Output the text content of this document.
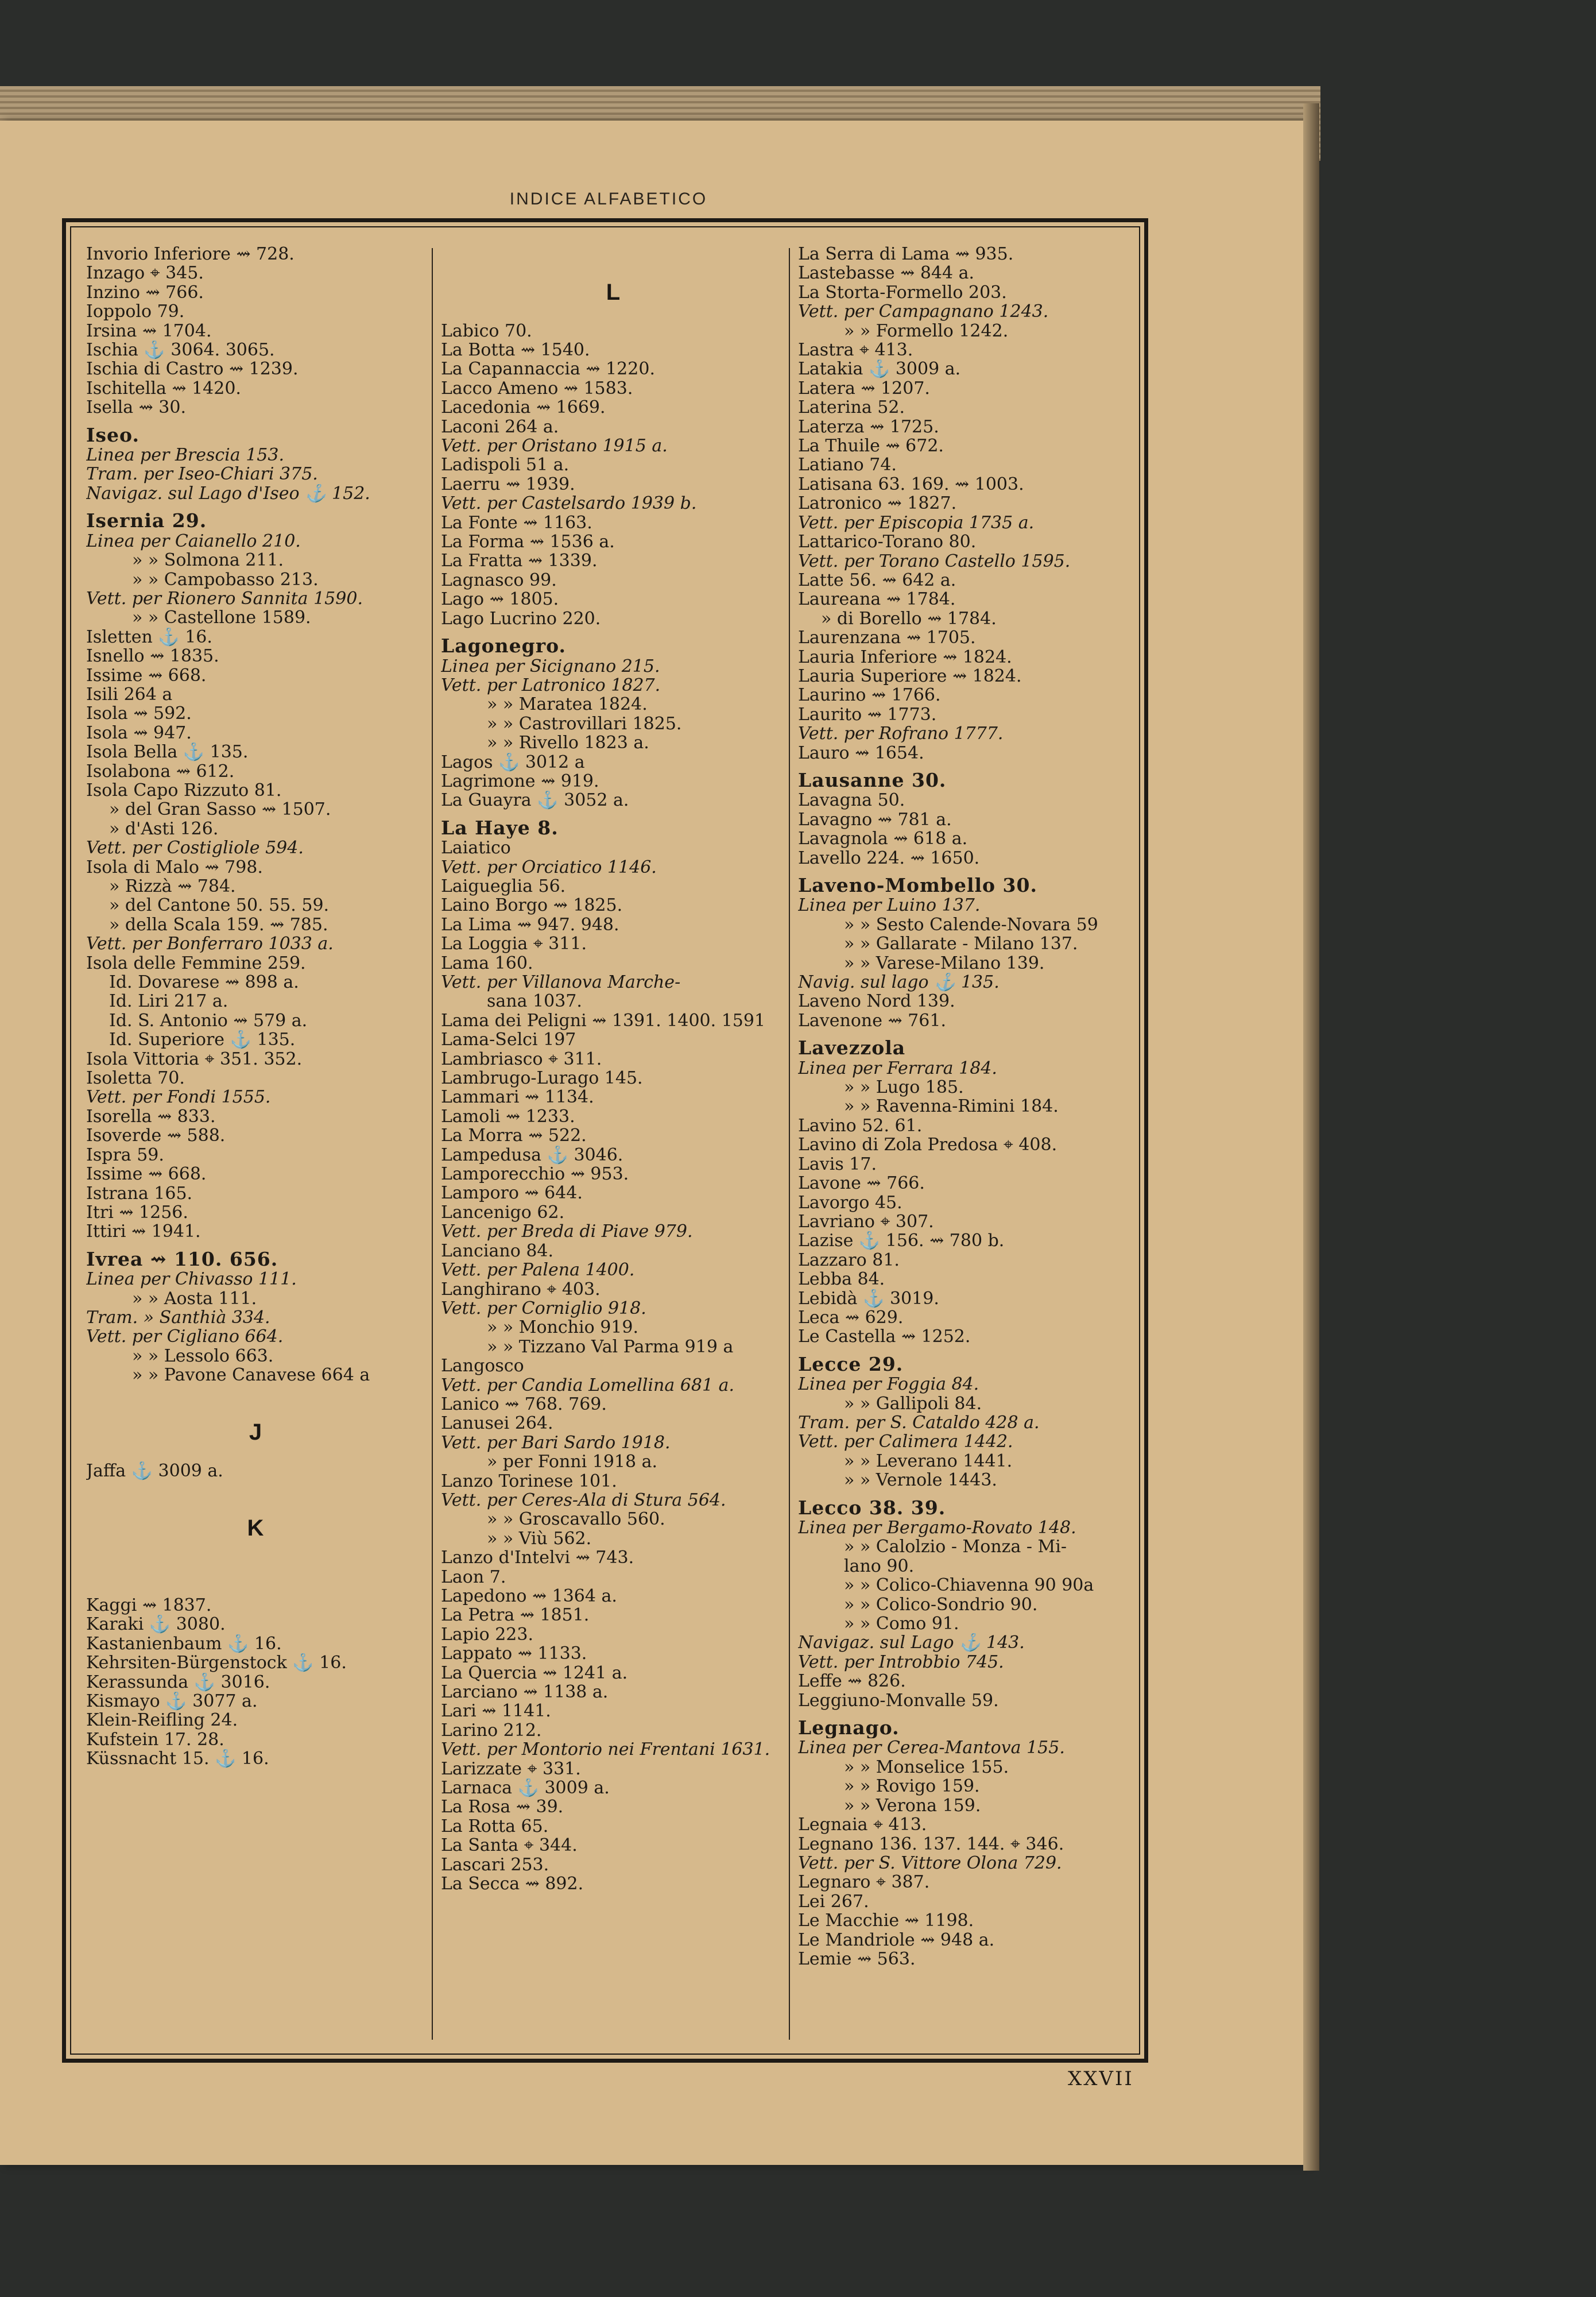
INDICE ALFABETICO
Invorio Inferiore ⇝ 728.
Inzago ⌖ 345.
Inzino ⇝ 766.
Ioppolo 79.
Irsina ⇝ 1704.
Ischia ⚓ 3064. 3065.
Ischia di Castro ⇝ 1239.
Ischitella ⇝ 1420.
Isella ⇝ 30.
Iseo.
Linea per Brescia 153.
Tram. per Iseo-Chiari 375.
Navigaz. sul Lago d'Iseo ⚓ 152.
Isernia 29.
Linea per Caianello 210.
» » Solmona 211.
» » Campobasso 213.
Vett. per Rionero Sannita 1590.
» » Castellone 1589.
Isletten ⚓ 16.
Isnello ⇝ 1835.
Issime ⇝ 668.
Isili 264 a
Isola ⇝ 592.
Isola ⇝ 947.
Isola Bella ⚓ 135.
Isolabona ⇝ 612.
Isola Capo Rizzuto 81.
» del Gran Sasso ⇝ 1507.
» d'Asti 126.
Vett. per Costigliole 594.
Isola di Malo ⇝ 798.
» Rizzà ⇝ 784.
» del Cantone 50. 55. 59.
» della Scala 159. ⇝ 785.
Vett. per Bonferraro 1033 a.
Isola delle Femmine 259.
Id. Dovarese ⇝ 898 a.
Id. Liri 217 a.
Id. S. Antonio ⇝ 579 a.
Id. Superiore ⚓ 135.
Isola Vittoria ⌖ 351. 352.
Isoletta 70.
Vett. per Fondi 1555.
Isorella ⇝ 833.
Isoverde ⇝ 588.
Ispra 59.
Issime ⇝ 668.
Istrana 165.
Itri ⇝ 1256.
Ittiri ⇝ 1941.
Ivrea ⇝ 110. 656.
Linea per Chivasso 111.
» » Aosta 111.
Tram. » Santhià 334.
Vett. per Cigliano 664.
» » Lessolo 663.
» » Pavone Canavese 664 a
J
Jaffa ⚓ 3009 a.
K
Kaggi ⇝ 1837.
Karaki ⚓ 3080.
Kastanienbaum ⚓ 16.
Kehrsiten-Bürgenstock ⚓ 16.
Kerassunda ⚓ 3016.
Kismayo ⚓ 3077 a.
Klein-Reifling 24.
Kufstein 17. 28.
Küssnacht 15. ⚓ 16.
L
Labico 70.
La Botta ⇝ 1540.
La Capannaccia ⇝ 1220.
Lacco Ameno ⇝ 1583.
Lacedonia ⇝ 1669.
Laconi 264 a.
Vett. per Oristano 1915 a.
Ladispoli 51 a.
Laerru ⇝ 1939.
Vett. per Castelsardo 1939 b.
La Fonte ⇝ 1163.
La Forma ⇝ 1536 a.
La Fratta ⇝ 1339.
Lagnasco 99.
Lago ⇝ 1805.
Lago Lucrino 220.
Lagonegro.
Linea per Sicignano 215.
Vett. per Latronico 1827.
» » Maratea 1824.
» » Castrovillari 1825.
» » Rivello 1823 a.
Lagos ⚓ 3012 a
Lagrimone ⇝ 919.
La Guayra ⚓ 3052 a.
La Haye 8.
Laiatico
Vett. per Orciatico 1146.
Laigueglia 56.
Laino Borgo ⇝ 1825.
La Lima ⇝ 947. 948.
La Loggia ⌖ 311.
Lama 160.
Vett. per Villanova Marche-
sana 1037.
Lama dei Peligni ⇝ 1391. 1400. 1591
Lama-Selci 197
Lambriasco ⌖ 311.
Lambrugo-Lurago 145.
Lammari ⇝ 1134.
Lamoli ⇝ 1233.
La Morra ⇝ 522.
Lampedusa ⚓ 3046.
Lamporecchio ⇝ 953.
Lamporo ⇝ 644.
Lancenigo 62.
Vett. per Breda di Piave 979.
Lanciano 84.
Vett. per Palena 1400.
Langhirano ⌖ 403.
Vett. per Corniglio 918.
» » Monchio 919.
» » Tizzano Val Parma 919 a
Langosco
Vett. per Candia Lomellina 681 a.
Lanico ⇝ 768. 769.
Lanusei 264.
Vett. per Bari Sardo 1918.
» per Fonni 1918 a.
Lanzo Torinese 101.
Vett. per Ceres-Ala di Stura 564.
» » Groscavallo 560.
» » Viù 562.
Lanzo d'Intelvi ⇝ 743.
Laon 7.
Lapedono ⇝ 1364 a.
La Petra ⇝ 1851.
Lapio 223.
Lappato ⇝ 1133.
La Quercia ⇝ 1241 a.
Larciano ⇝ 1138 a.
Lari ⇝ 1141.
Larino 212.
Vett. per Montorio nei Frentani 1631.
Larizzate ⌖ 331.
Larnaca ⚓ 3009 a.
La Rosa ⇝ 39.
La Rotta 65.
La Santa ⌖ 344.
Lascari 253.
La Secca ⇝ 892.
La Serra di Lama ⇝ 935.
Lastebasse ⇝ 844 a.
La Storta-Formello 203.
Vett. per Campagnano 1243.
» » Formello 1242.
Lastra ⌖ 413.
Latakia ⚓ 3009 a.
Latera ⇝ 1207.
Laterina 52.
Laterza ⇝ 1725.
La Thuile ⇝ 672.
Latiano 74.
Latisana 63. 169. ⇝ 1003.
Latronico ⇝ 1827.
Vett. per Episcopia 1735 a.
Lattarico-Torano 80.
Vett. per Torano Castello 1595.
Latte 56. ⇝ 642 a.
Laureana ⇝ 1784.
» di Borello ⇝ 1784.
Laurenzana ⇝ 1705.
Lauria Inferiore ⇝ 1824.
Lauria Superiore ⇝ 1824.
Laurino ⇝ 1766.
Laurito ⇝ 1773.
Vett. per Rofrano 1777.
Lauro ⇝ 1654.
Lausanne 30.
Lavagna 50.
Lavagno ⇝ 781 a.
Lavagnola ⇝ 618 a.
Lavello 224. ⇝ 1650.
Laveno-Mombello 30.
Linea per Luino 137.
» » Sesto Calende-Novara 59
» » Gallarate - Milano 137.
» » Varese-Milano 139.
Navig. sul lago ⚓ 135.
Laveno Nord 139.
Lavenone ⇝ 761.
Lavezzola
Linea per Ferrara 184.
» » Lugo 185.
» » Ravenna-Rimini 184.
Lavino 52. 61.
Lavino di Zola Predosa ⌖ 408.
Lavis 17.
Lavone ⇝ 766.
Lavorgo 45.
Lavriano ⌖ 307.
Lazise ⚓ 156. ⇝ 780 b.
Lazzaro 81.
Lebba 84.
Lebidà ⚓ 3019.
Leca ⇝ 629.
Le Castella ⇝ 1252.
Lecce 29.
Linea per Foggia 84.
» » Gallipoli 84.
Tram. per S. Cataldo 428 a.
Vett. per Calimera 1442.
» » Leverano 1441.
» » Vernole 1443.
Lecco 38. 39.
Linea per Bergamo-Rovato 148.
» » Calolzio - Monza - Mi-
lano 90.
» » Colico-Chiavenna 90 90a
» » Colico-Sondrio 90.
» » Como 91.
Navigaz. sul Lago ⚓ 143.
Vett. per Introbbio 745.
Leffe ⇝ 826.
Leggiuno-Monvalle 59.
Legnago.
Linea per Cerea-Mantova 155.
» » Monselice 155.
» » Rovigo 159.
» » Verona 159.
Legnaia ⌖ 413.
Legnano 136. 137. 144. ⌖ 346.
Vett. per S. Vittore Olona 729.
Legnaro ⌖ 387.
Lei 267.
Le Macchie ⇝ 1198.
Le Mandriole ⇝ 948 a.
Lemie ⇝ 563.
XXVII
